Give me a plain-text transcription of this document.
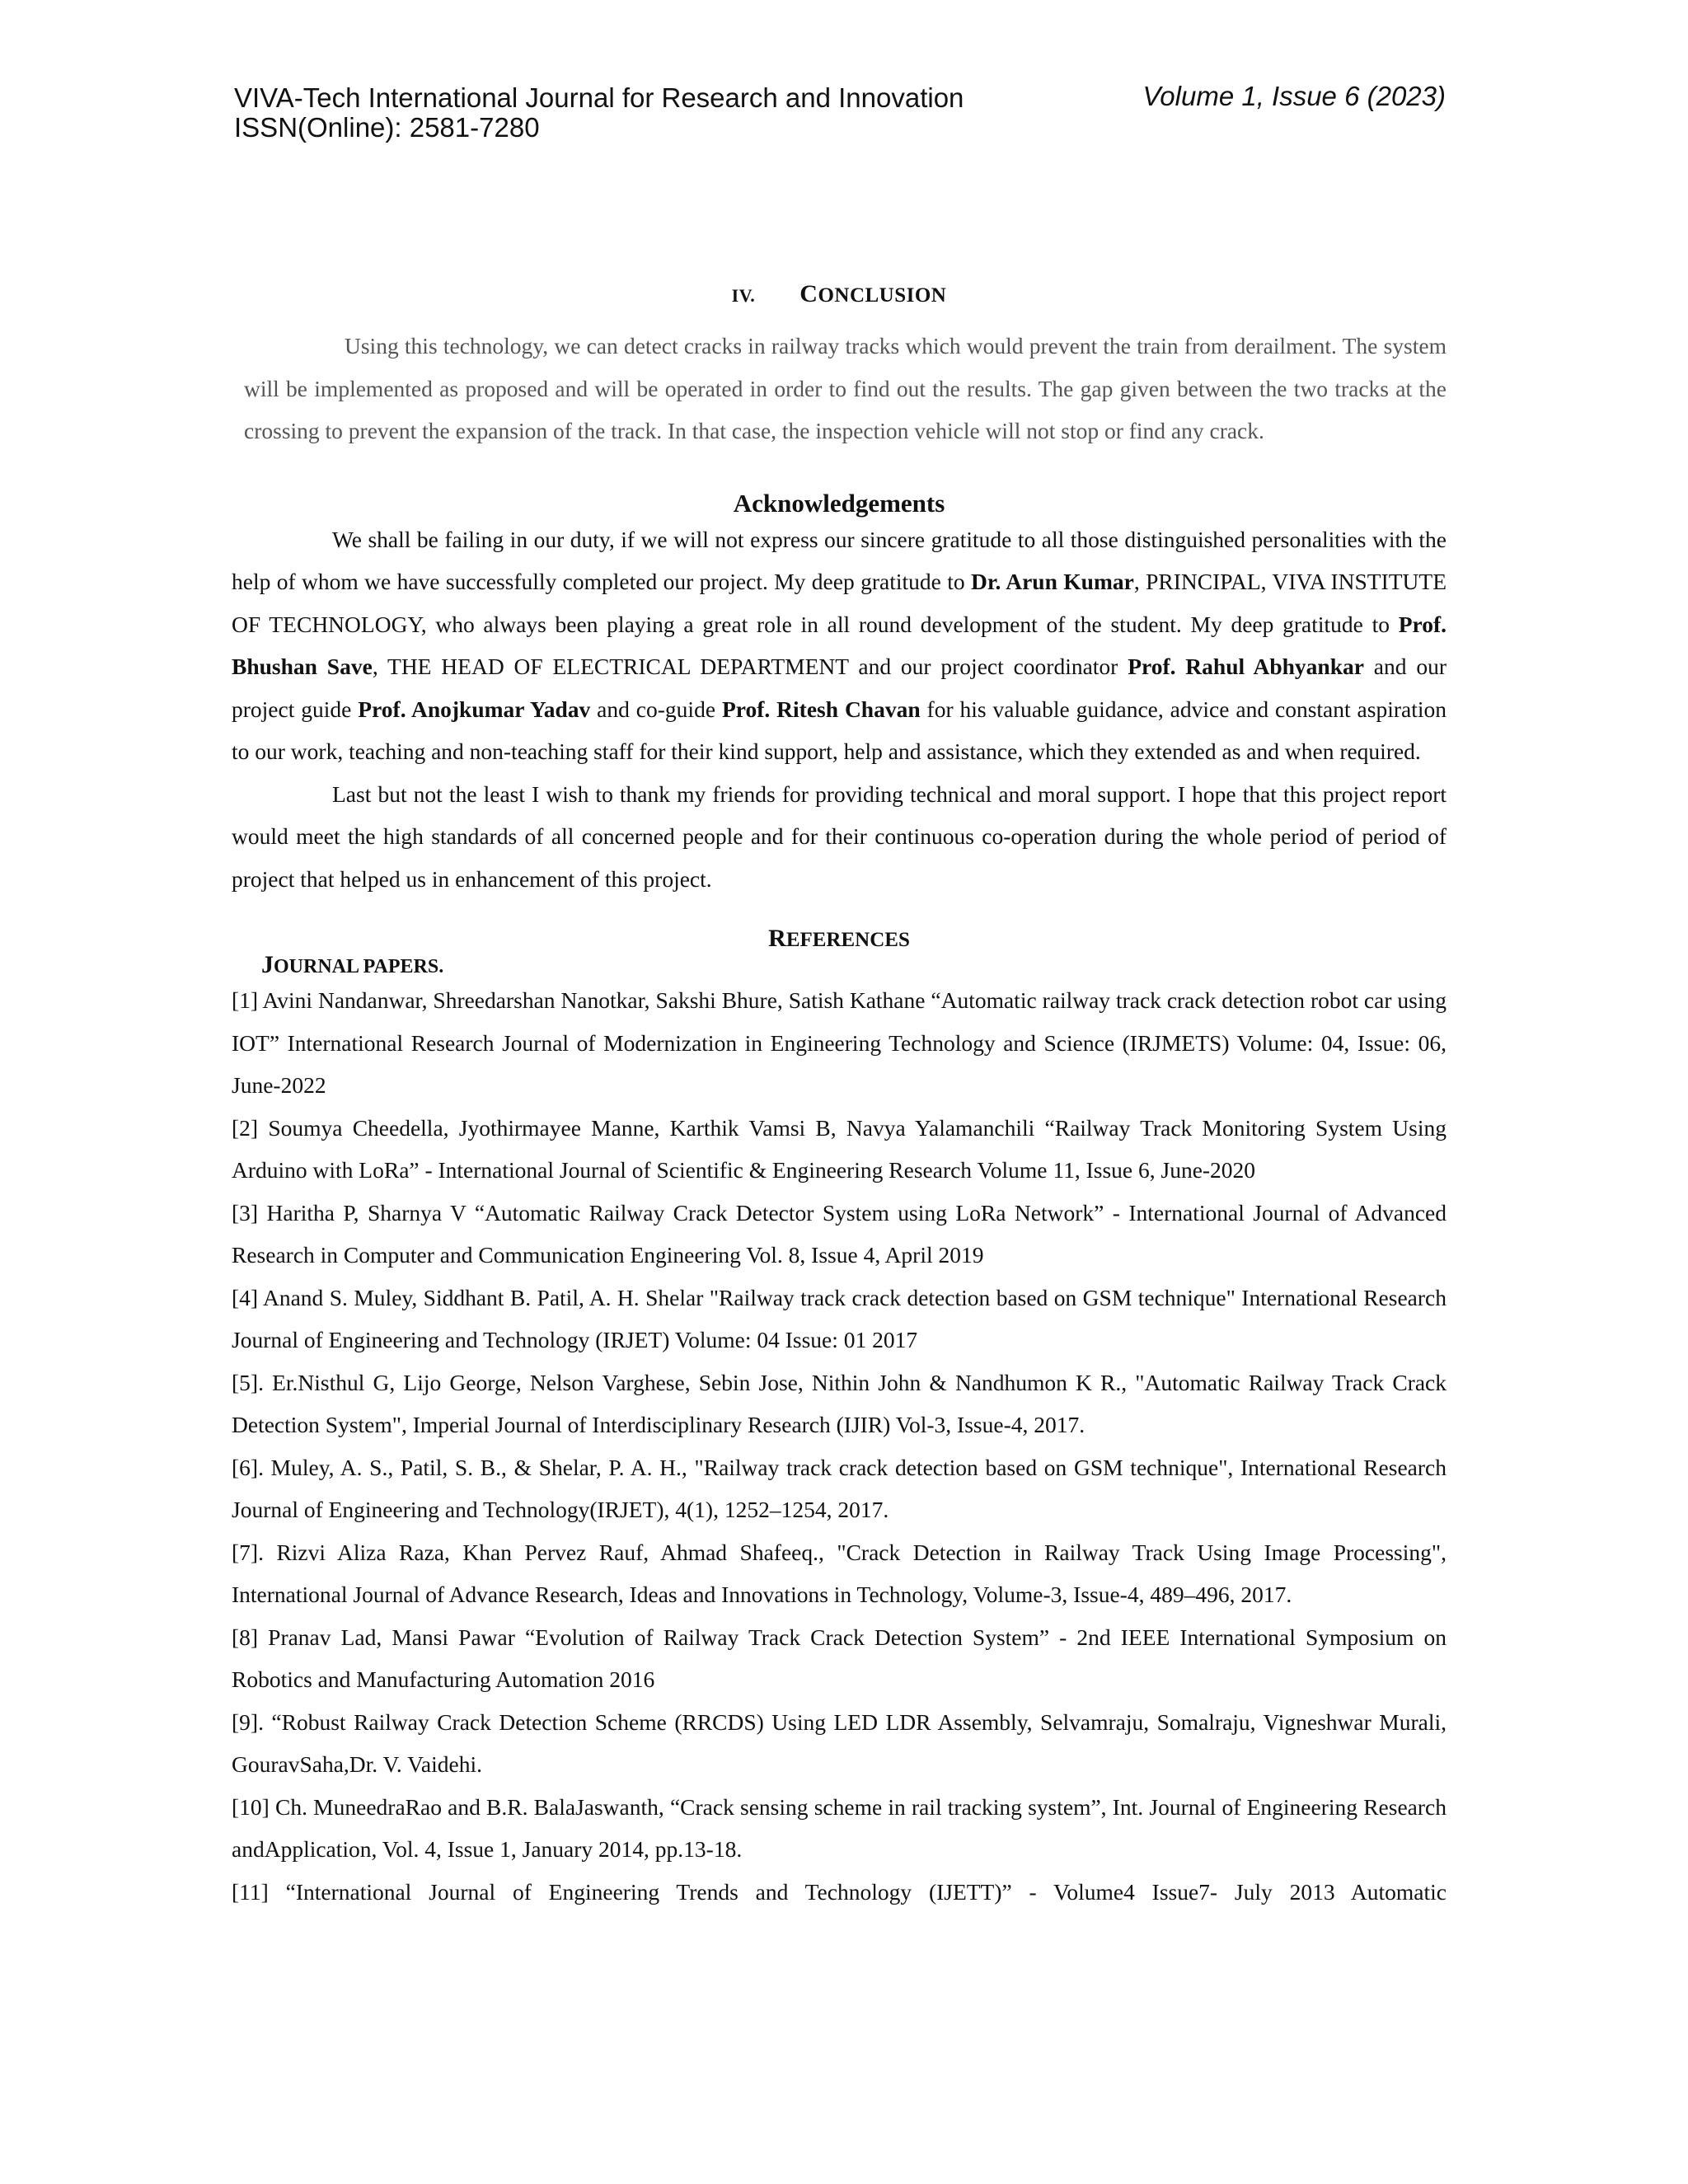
VIVA-Tech International Journal for Research and Innovation
ISSN(Online): 2581-7280
Volume 1, Issue 6 (2023)
IV. CONCLUSION

Using this technology, we can detect cracks in railway tracks which would prevent the train from derailment. The system will be implemented as proposed and will be operated in order to find out the results. The gap given between the two tracks at the crossing to prevent the expansion of the track. In that case, the inspection vehicle will not stop or find any crack.

Acknowledgements

We shall be failing in our duty, if we will not express our sincere gratitude to all those distinguished personalities with the help of whom we have successfully completed our project. My deep gratitude to Dr. Arun Kumar, PRINCIPAL, VIVA INSTITUTE OF TECHNOLOGY, who always been playing a great role in all round development of the student. My deep gratitude to Prof. Bhushan Save, THE HEAD OF ELECTRICAL DEPARTMENT and our project coordinator Prof. Rahul Abhyankar and our project guide Prof. Anojkumar Yadav and co-guide Prof. Ritesh Chavan for his valuable guidance, advice and constant aspiration to our work, teaching and non-teaching staff for their kind support, help and assistance, which they extended as and when required.

Last but not the least I wish to thank my friends for providing technical and moral support. I hope that this project report would meet the high standards of all concerned people and for their continuous co-operation during the whole period of period of project that helped us in enhancement of this project.

REFERENCES
JOURNAL PAPERS.

[1] Avini Nandanwar, Shreedarshan Nanotkar, Sakshi Bhure, Satish Kathane “Automatic railway track crack detection robot car using IOT” International Research Journal of Modernization in Engineering Technology and Science (IRJMETS) Volume: 04, Issue: 06, June-2022

[2] Soumya Cheedella, Jyothirmayee Manne, Karthik Vamsi B, Navya Yalamanchili “Railway Track Monitoring System Using Arduino with LoRa” - International Journal of Scientific & Engineering Research Volume 11, Issue 6, June-2020

[3] Haritha P, Sharnya V “Automatic Railway Crack Detector System using LoRa Network” - International Journal of Advanced Research in Computer and Communication Engineering Vol. 8, Issue 4, April 2019

[4] Anand S. Muley, Siddhant B. Patil, A. H. Shelar "Railway track crack detection based on GSM technique" International Research Journal of Engineering and Technology (IRJET) Volume: 04 Issue: 01 2017

[5]. Er.Nisthul G, Lijo George, Nelson Varghese, Sebin Jose, Nithin John & Nandhumon K R., "Automatic Railway Track Crack Detection System", Imperial Journal of Interdisciplinary Research (IJIR) Vol-3, Issue-4, 2017.

[6]. Muley, A. S., Patil, S. B., & Shelar, P. A. H., "Railway track crack detection based on GSM technique", International Research Journal of Engineering and Technology(IRJET), 4(1), 1252–1254, 2017.

[7]. Rizvi Aliza Raza, Khan Pervez Rauf, Ahmad Shafeeq., "Crack Detection in Railway Track Using Image Processing", International Journal of Advance Research, Ideas and Innovations in Technology, Volume-3, Issue-4, 489–496, 2017.

[8] Pranav Lad, Mansi Pawar “Evolution of Railway Track Crack Detection System” - 2nd IEEE International Symposium on Robotics and Manufacturing Automation 2016

[9]. “Robust Railway Crack Detection Scheme (RRCDS) Using LED LDR Assembly, Selvamraju, Somalraju, Vigneshwar Murali, GouravSaha,Dr. V. Vaidehi.

[10] Ch. MuneedraRao and B.R. BalaJaswanth, “Crack sensing scheme in rail tracking system”, Int. Journal of Engineering Research andApplication, Vol. 4, Issue 1, January 2014, pp.13-18.

[11] “International Journal of Engineering Trends and Technology (IJETT)” - Volume4 Issue7- July 2013 Automatic
